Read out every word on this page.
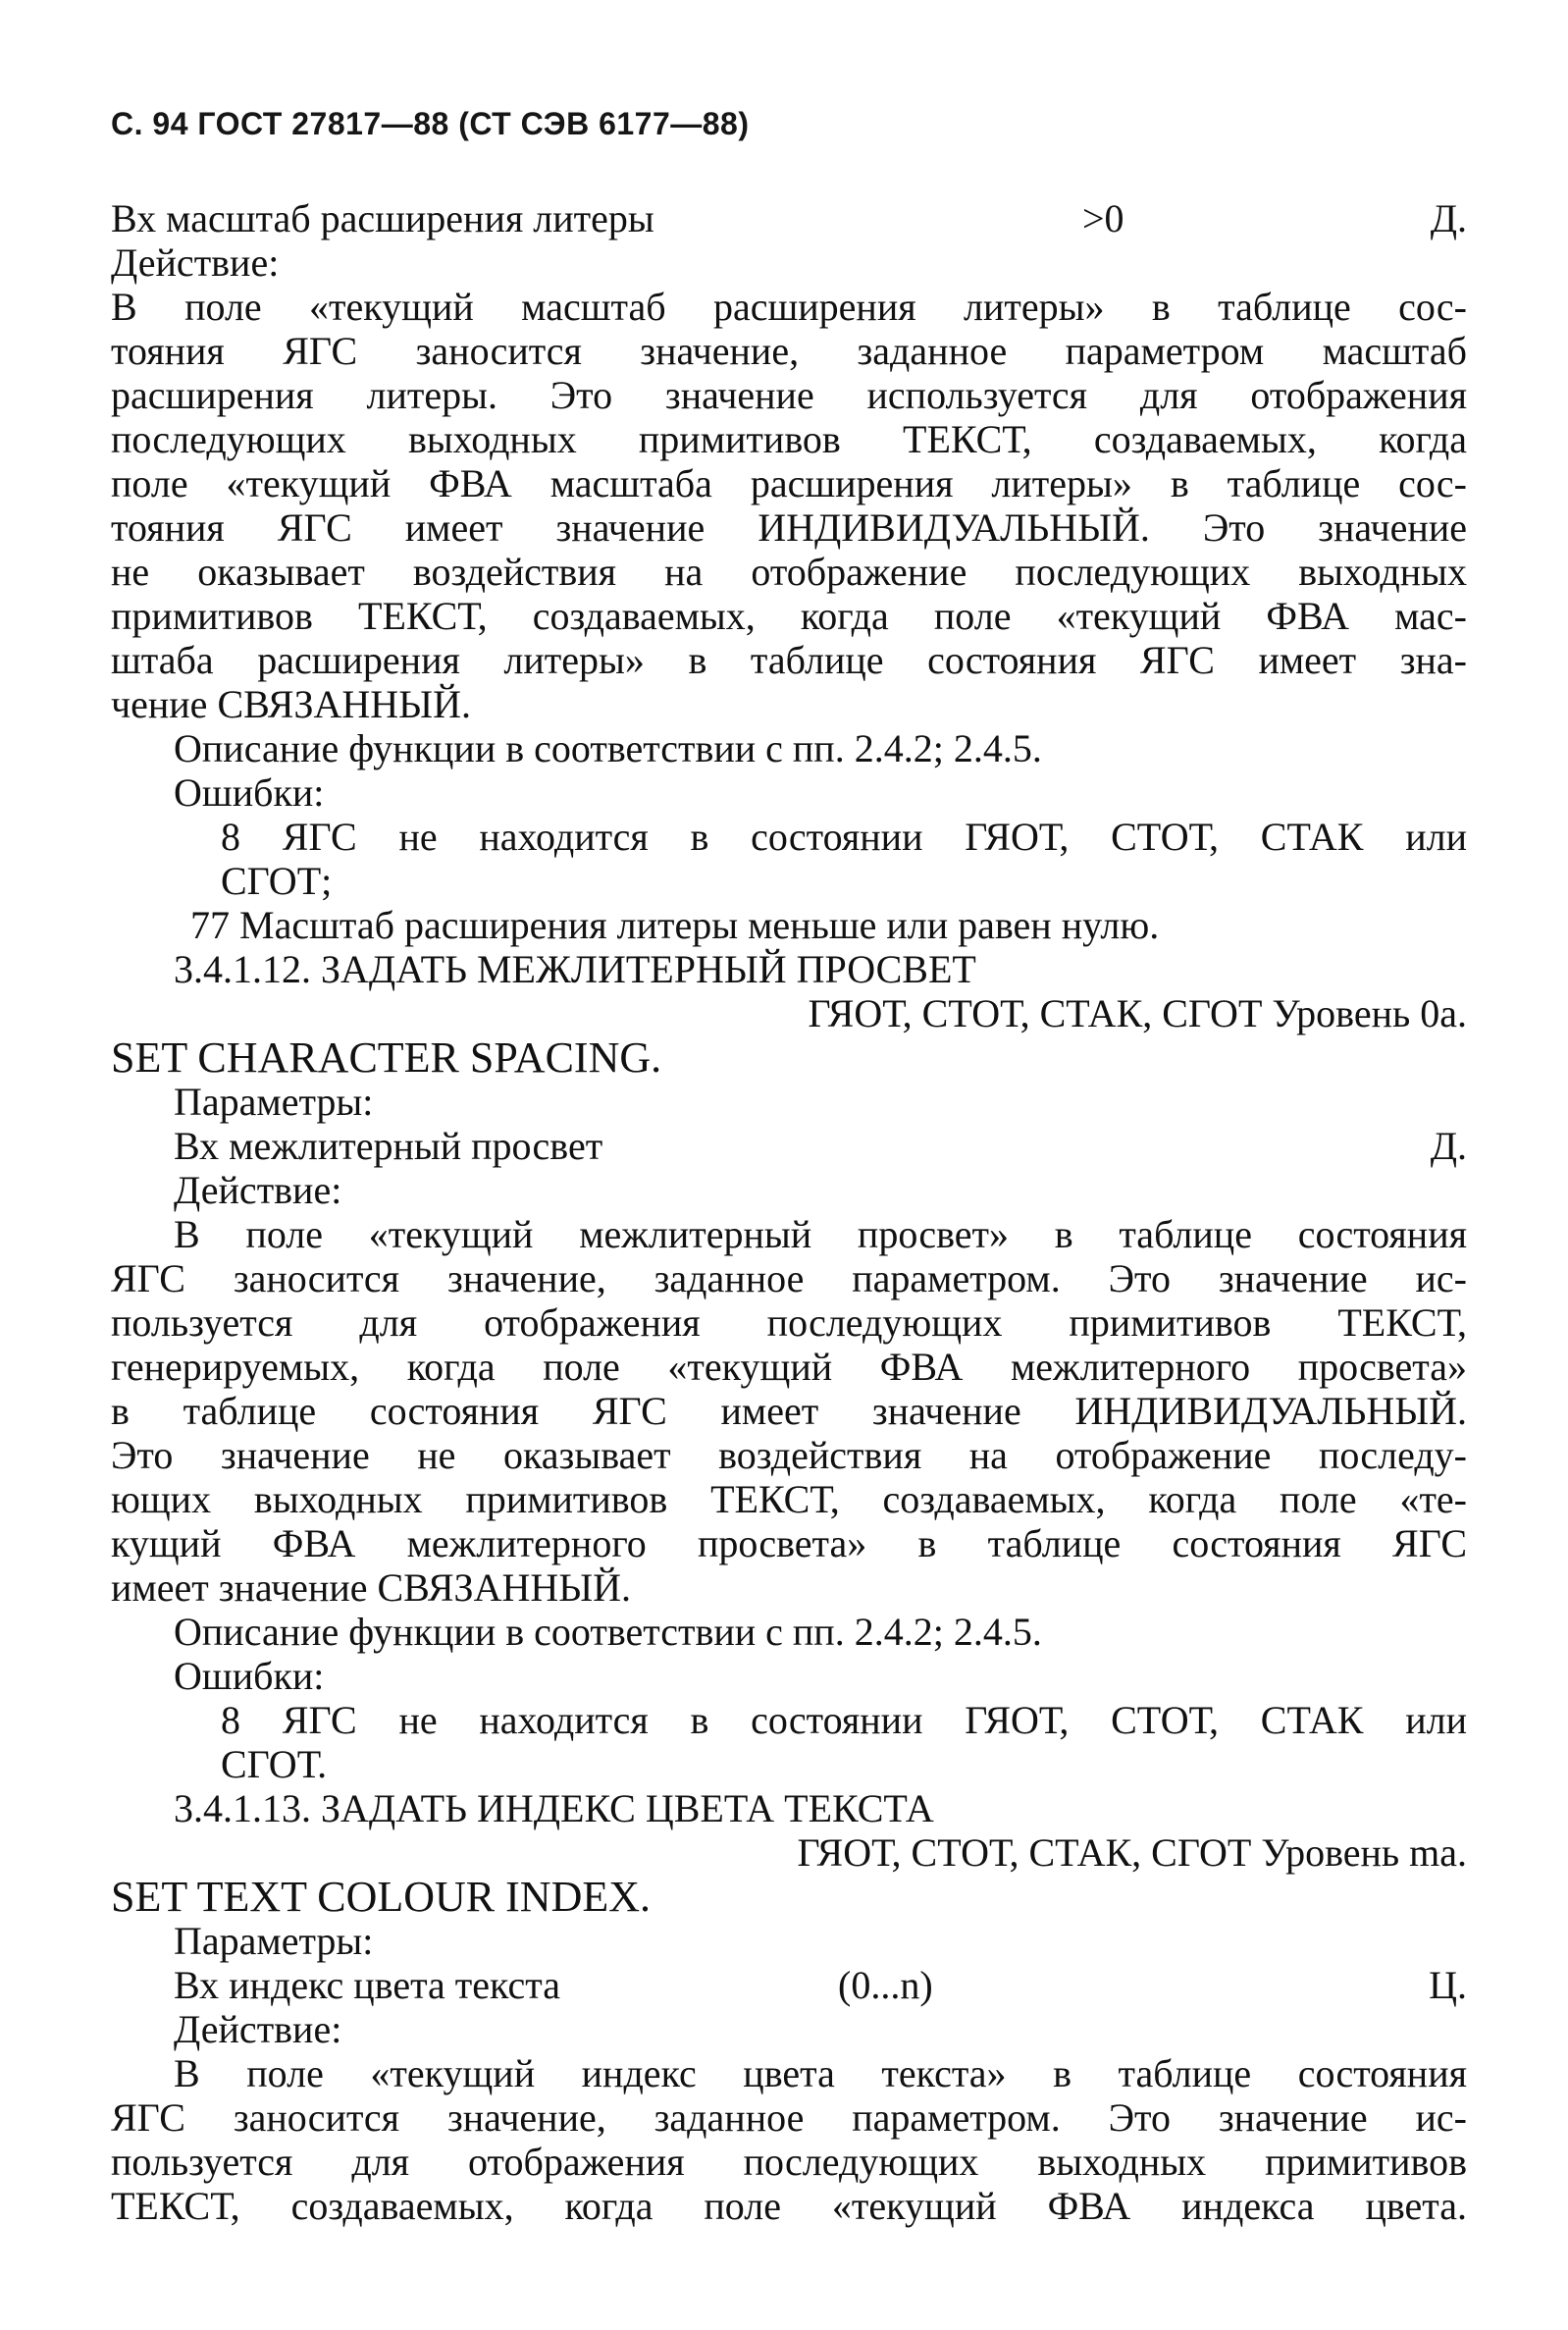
С. 94 ГОСТ 27817—88 (СТ СЭВ 6177—88)
Вх масштаб расширения литеры	>0	Д.
Действие:
В поле «текущий масштаб расширения литеры» в таблице сос-
тояния ЯГС заносится значение, заданное параметром масштаб
расширения литеры. Это значение используется для отображения
последующих выходных примитивов ТЕКСТ, создаваемых, когда
поле «текущий ФВА масштаба расширения литеры» в таблице сос-
тояния ЯГС имеет значение ИНДИВИДУАЛЬНЫЙ. Это значение
не оказывает воздействия на отображение последующих выходных
примитивов ТЕКСТ, создаваемых, когда поле «текущий ФВА мас-
штаба расширения литеры» в таблице состояния ЯГС имеет зна-
чение СВЯЗАННЫЙ.
Описание функции в соответствии с пп. 2.4.2; 2.4.5.
Ошибки:
8 ЯГС не находится в состоянии ГЯОТ, СТОТ, СТАК или
СГОТ;
77 Масштаб расширения литеры меньше или равен нулю.
3.4.1.12. ЗАДАТЬ МЕЖЛИТЕРНЫЙ ПРОСВЕТ
ГЯОТ, СТОТ, СТАК, СГОТ Уровень 0а.
SET CHARACTER SPACING.
Параметры:
Вх межлитерный просвет	Д.
Действие:
В поле «текущий межлитерный просвет» в таблице состояния
ЯГС заносится значение, заданное параметром. Это значение ис-
пользуется для отображения последующих примитивов ТЕКСТ,
генерируемых, когда поле «текущий ФВА межлитерного просвета»
в таблице состояния ЯГС имеет значение ИНДИВИДУАЛЬНЫЙ.
Это значение не оказывает воздействия на отображение последу-
ющих выходных примитивов ТЕКСТ, создаваемых, когда поле «те-
кущий ФВА межлитерного просвета» в таблице состояния ЯГС
имеет значение СВЯЗАННЫЙ.
Описание функции в соответствии с пп. 2.4.2; 2.4.5.
Ошибки:
8 ЯГС не находится в состоянии ГЯОТ, СТОТ, СТАК или
СГОТ.
3.4.1.13. ЗАДАТЬ ИНДЕКС ЦВЕТА ТЕКСТА
ГЯОТ, СТОТ, СТАК, СГОТ Уровень mа.
SET TEXT COLOUR INDEX.
Параметры:
Вх индекс цвета текста	(0...n)	Ц.
Действие:
В поле «текущий индекс цвета текста» в таблице состояния
ЯГС заносится значение, заданное параметром. Это значение ис-
пользуется для отображения последующих выходных примитивов
ТЕКСТ, создаваемых, когда поле «текущий ФВА индекса цвета.
